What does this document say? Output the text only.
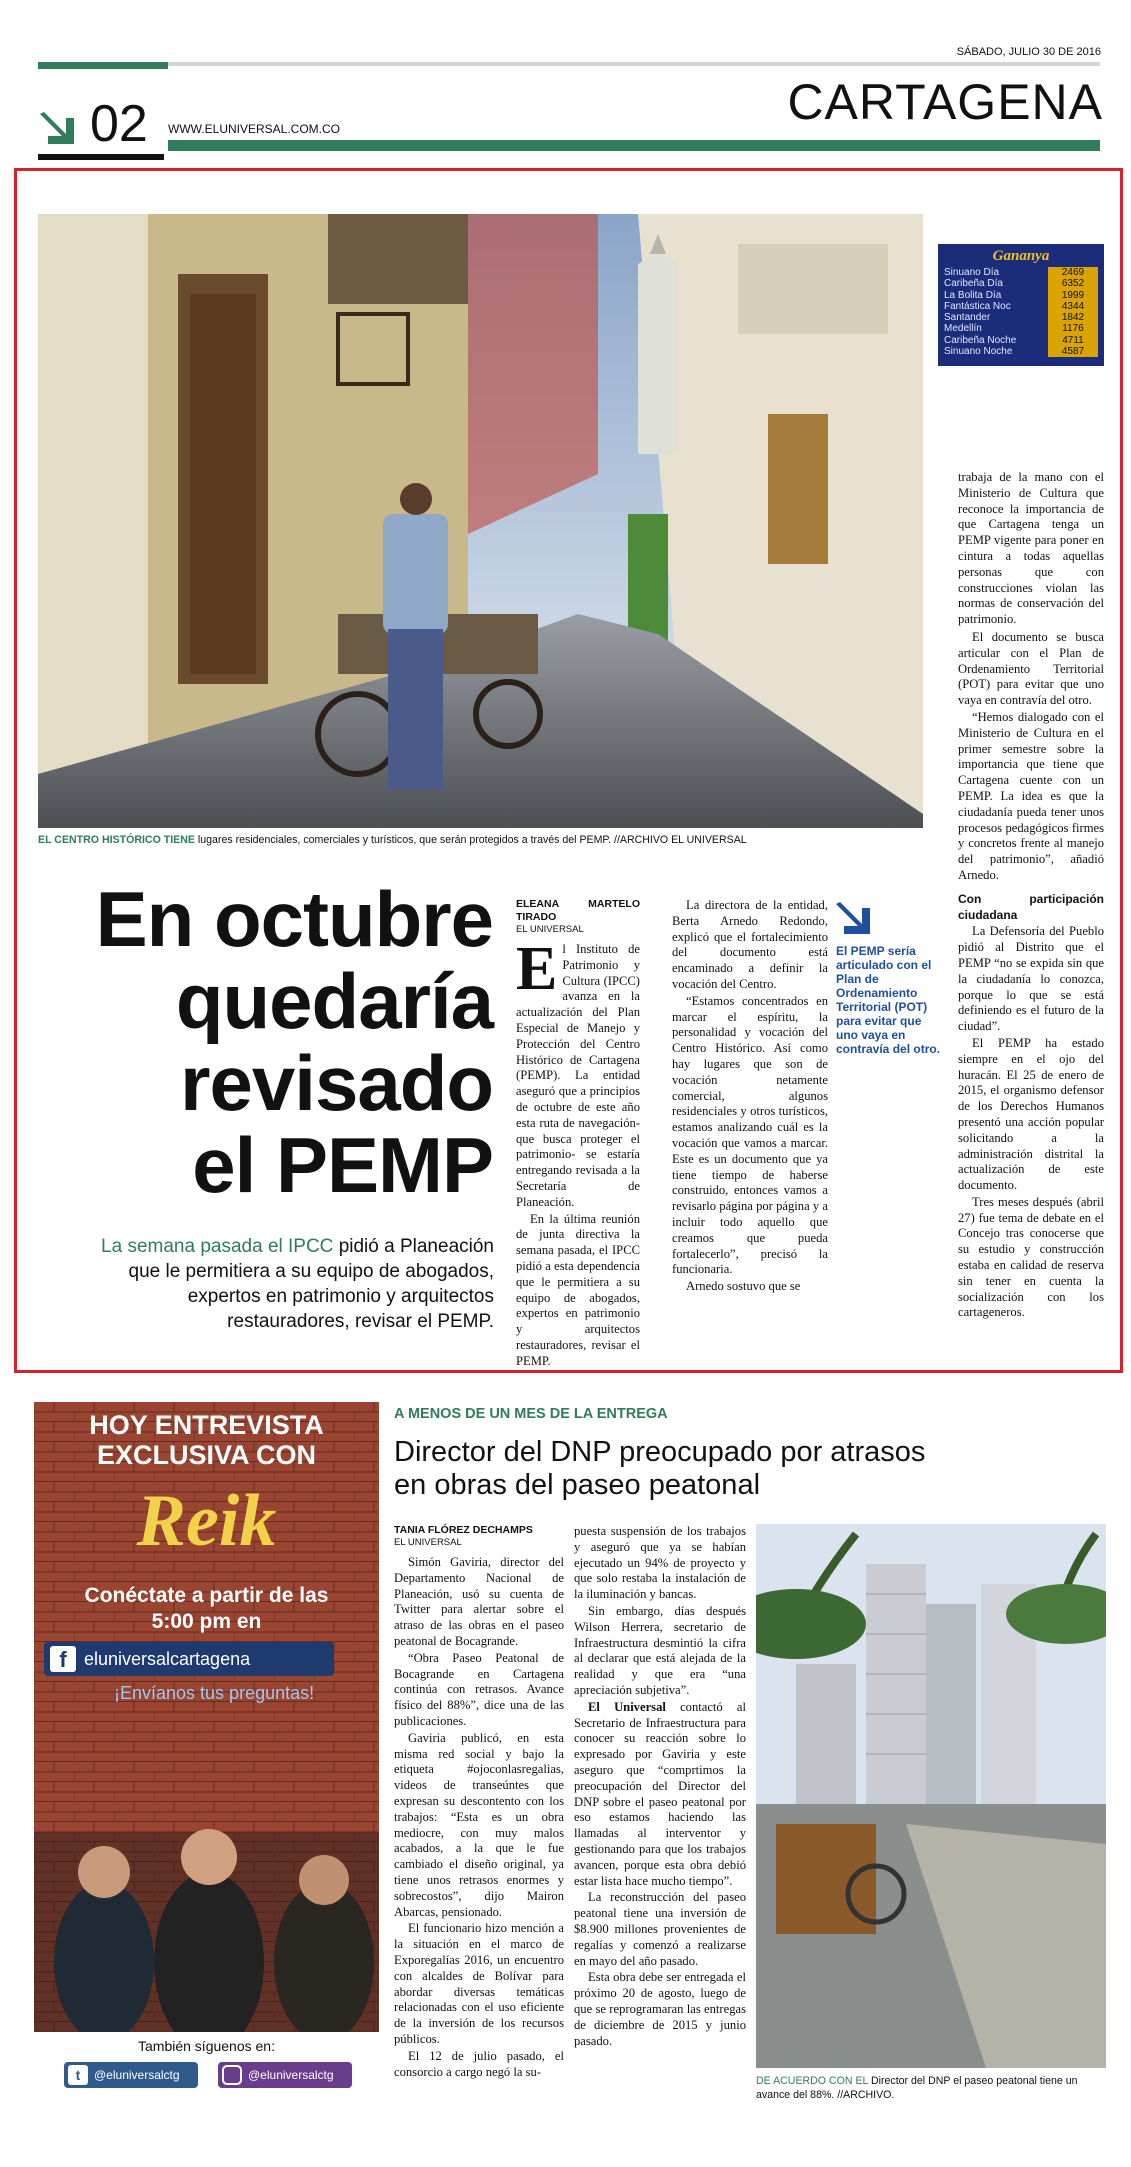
SÁBADO, JULIO 30 DE 2016
02 WWW.ELUNIVERSAL.COM.CO	CARTAGENA
Gananya
Sinuano Día	2469
Caribeña Día	6352
La Bolita Día	1999
Fantástica Noc	4344
Santander	1842
Medellín	1176
Caribeña Noche	4711
Sinuano Noche	4587
EL CENTRO HISTÓRICO TIENE lugares residenciales, comerciales y turísticos, que serán protegidos a través del PEMP. //ARCHIVO EL UNIVERSAL
En octubre
quedaría
revisado
el PEMP
La semana pasada el IPCC pidió a Planeación que le permitiera a su equipo de abogados, expertos en patrimonio y arquitectos restauradores, revisar el PEMP.
ELEANA MARTELO TIRADO
EL UNIVERSAL

El Instituto de Patrimonio y Cultura (IPCC) avanza en la actualización del Plan Especial de Manejo y Protección del Centro Histórico de Cartagena (PEMP). La entidad aseguró que a principios de octubre de este año esta ruta de navegación- que busca proteger el patrimonio- se estaría entregando revisada a la Secretaría de Planeación.

En la última reunión de junta directiva la semana pasada, el IPCC pidió a esta dependencia que le permitiera a su equipo de abogados, expertos en patrimonio y arquitectos restauradores, revisar el PEMP.

La directora de la entidad, Berta Arnedo Redondo, explicó que el fortalecimiento del documento está encaminado a definir la vocación del Centro.

“Estamos concentrados en marcar el espíritu, la personalidad y vocación del Centro Histórico. Así como hay lugares que son de vocación netamente comercial, algunos residenciales y otros turísticos, estamos analizando cuál es la vocación que vamos a marcar. Este es un documento que ya tiene tiempo de haberse construido, entonces vamos a revisarlo página por página y a incluir todo aquello que creamos que pueda fortalecerlo”, precisó la funcionaria.

Arnedo sostuvo que se

El PEMP sería articulado con el Plan de Ordenamiento Territorial (POT) para evitar que uno vaya en contravía del otro.
trabaja de la mano con el Ministerio de Cultura que reconoce la importancia de que Cartagena tenga un PEMP vigente para poner en cintura a todas aquellas personas que con construcciones violan las normas de conservación del patrimonio.

El documento se busca articular con el Plan de Ordenamiento Territorial (POT) para evitar que uno vaya en contravía del otro.

“Hemos dialogado con el Ministerio de Cultura en el primer semestre sobre la importancia que tiene que Cartagena cuente con un PEMP. La idea es que la ciudadanía pueda tener unos procesos pedagógicos firmes y concretos frente al manejo del patrimonio”, añadió Arnedo.

Con participación ciudadana

La Defensoría del Pueblo pidió al Distrito que el PEMP “no se expida sin que la ciudadanía lo conozca, porque lo que se está definiendo es el futuro de la ciudad”.

El PEMP ha estado siempre en el ojo del huracán. El 25 de enero de 2015, el organismo defensor de los Derechos Humanos presentó una acción popular solicitando a la administración distrital la actualización de este documento.

Tres meses después (abril 27) fue tema de debate en el Concejo tras conocerse que su estudio y construcción estaba en calidad de reserva sin tener en cuenta la socialización con los cartageneros.

HOY ENTREVISTA
EXCLUSIVA CON
Reik
Conéctate a partir de las
5:00 pm en
f eluniversalcartagena
¡Envíanos tus preguntas!
También síguenos en:
t	@eluniversalctg	@eluniversalctg
A MENOS DE UN MES DE LA ENTREGA
Director del DNP preocupado por atrasos en obras del paseo peatonal
TANIA FLÓREZ DECHAMPS
EL UNIVERSAL

Simón Gaviria, director del Departamento Nacional de Planeación, usó su cuenta de Twitter para alertar sobre el atraso de las obras en el paseo peatonal de Bocagrande.

“Obra Paseo Peatonal de Bocagrande en Cartagena continúa con retrasos. Avance físico del 88%”, dice una de las publicaciones.

Gaviria publicó, en esta misma red social y bajo la etiqueta #ojoconlasregalias, videos de transeúntes que expresan su descontento con los trabajos: “Esta es un obra mediocre, con muy malos acabados, a la que le fue cambiado el diseño original, ya tiene unos retrasos enormes y sobrecostos”, dijo Mairon Abarcas, pensionado.

El funcionario hizo mención a la situación en el marco de Exporegalías 2016, un encuentro con alcaldes de Bolívar para abordar diversas temáticas relacionadas con el uso eficiente de la inversión de los recursos públicos.

El 12 de julio pasado, el consorcio a cargo negó la su-

puesta suspensión de los trabajos y aseguró que ya se habían ejecutado un 94% de proyecto y que solo restaba la instalación de la iluminación y bancas.

Sin embargo, días después Wilson Herrera, secretario de Infraestructura desmintió la cifra al declarar que está alejada de la realidad y que era “una apreciación subjetiva”.

El Universal contactó al Secretario de Infraestructura para conocer su reacción sobre lo expresado por Gaviria y este aseguro que “comprtimos la preocupación del Director del DNP sobre el paseo peatonal por eso estamos haciendo las llamadas al interventor y gestionando para que los trabajos avancen, porque esta obra debió estar lista hace mucho tiempo”.

La reconstrucción del paseo peatonal tiene una inversión de $8.900 millones provenientes de regalías y comenzó a realizarse en mayo del año pasado.

Esta obra debe ser entregada el próximo 20 de agosto, luego de que se reprogramaran las entregas de diciembre de 2015 y junio pasado.

DE ACUERDO CON EL Director del DNP el paseo peatonal tiene un avance del 88%. //ARCHIVO.
